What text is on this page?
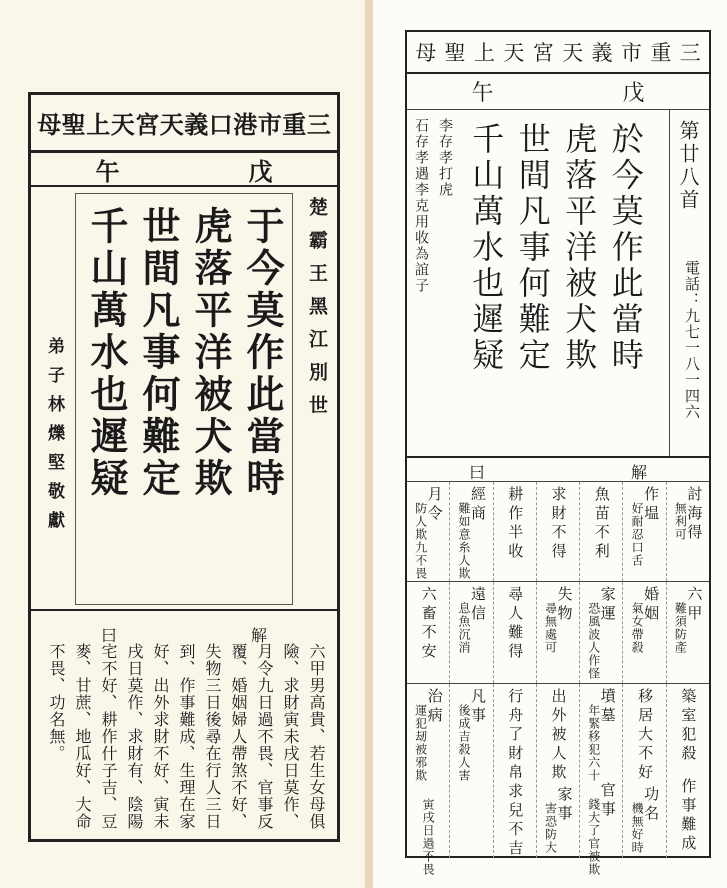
母 聖 上 天 宮 天 義 口 港 市 重 三
午	戊
楚霸王黑江別世
于今莫作此當時
虎落平洋被犬欺
世間凡事何難定
千山萬水也遲疑
弟子林爍堅敬獻
解
曰
六甲男高貴、若生女母俱險、求財寅未戌日莫作、月令九日過不畏、官事反覆、婚姻婦人帶煞不好、失物三日後尋在行人三日到、作事難成、生理在家好、出外求財不好、寅未戌日莫作、求財有、陰陽宅不好、耕作什子吉、豆麥、甘蔗、地瓜好、大命不畏、功名無。
母 聖 上 天 宮 天 義 市 重 三
午	戊
第廿八首
電話：九七一八一四六
於今莫作此當時
虎落平洋被犬欺
世間凡事何難定
千山萬水也遲疑
李存孝打虎
石存孝遇李克用收為誼子
解
曰
討海得
無利可
作塭
好耐忍口舌
魚苗不利
求財不得
耕作半收
經商
難如意糸人欺
月令
防人欺九不畏
六甲
難須防產
婚姻
氣女帶殺
家運
恐風波人作怪
失物
尋無處可
尋人難得
遠信
息魚沉消
六畜不安
築室犯殺
作事難成
移居大不好
功名
機無好時
墳墓
年緊移犯六十
官事
錢大了官被欺
出外被人欺
家事
害恐防大
行舟了財帛
求兒不吉
凡事
後成吉殺人害
治病
運犯刼被邪欺
寅戌日過不畏
